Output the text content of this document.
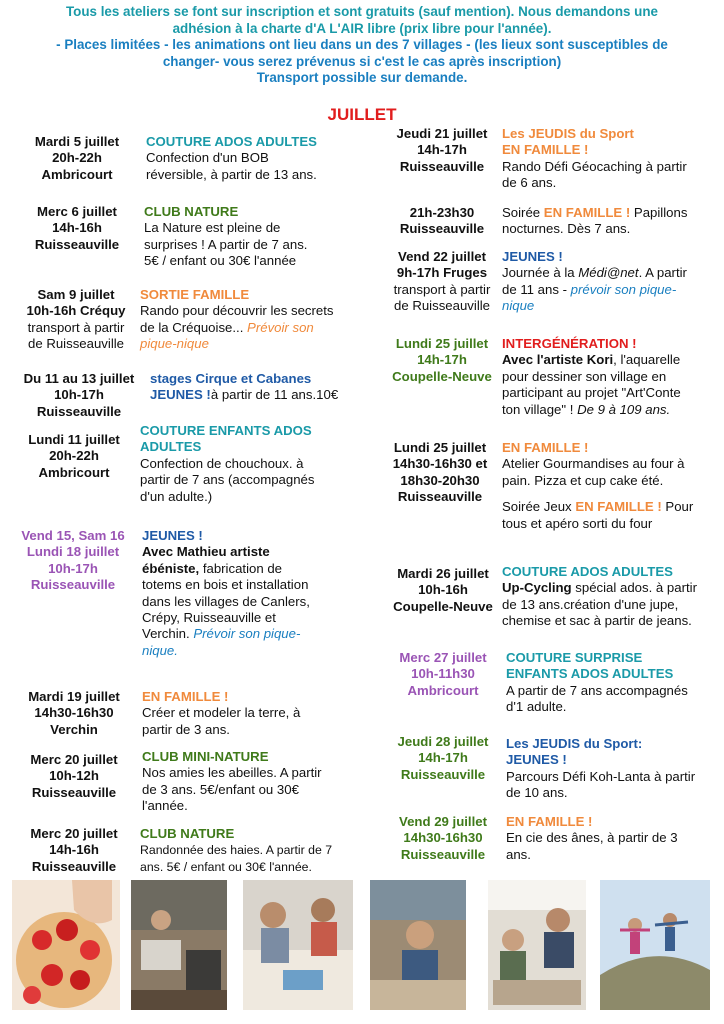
Tous les ateliers se font sur inscription et sont gratuits (sauf mention). Nous demandons une
adhésion à la charte d'A L'AIR libre (prix libre pour l'année).
- Places limitées - les animations ont lieu dans un des 7 villages - (les lieux sont susceptibles de
changer- vous serez prévenus si c'est le cas après inscription)
Transport possible sur demande.
JUILLET
Mardi 5 juillet
20h-22h
Ambricourt
COUTURE ADOS ADULTES
Confection d'un BOB
réversible, à partir de 13 ans.
Merc 6 juillet
14h-16h
Ruisseauville
CLUB NATURE
La Nature est pleine de
surprises ! A partir de 7 ans.
5€ / enfant ou 30€ l'année
Sam 9 juillet
10h-16h Créquy
transport à partir
de Ruisseauville
SORTIE FAMILLE
Rando pour découvrir les secrets
de la Créquoise... Prévoir son
pique-nique
Du 11 au 13 juillet
10h-17h
Ruisseauville
stages Cirque et Cabanes
JEUNES !à partir de 11 ans.10€
Lundi 11 juillet
20h-22h
Ambricourt
COUTURE ENFANTS ADOS
ADULTES
Confection de chouchoux. à
partir de 7 ans (accompagnés
d'un adulte.)
Vend 15, Sam 16
Lundi 18 juillet
10h-17h
Ruisseauville
JEUNES !
Avec Mathieu artiste
ébéniste, fabrication de
totems en bois et installation
dans les villages de Canlers,
Crépy, Ruisseauville et
Verchin. Prévoir son pique-
nique.
Mardi 19 juillet
14h30-16h30
Verchin
EN FAMILLE !
Créer et modeler la terre, à
partir de 3 ans.
Merc 20 juillet
10h-12h
Ruisseauville
CLUB MINI-NATURE
Nos amies les abeilles. A partir
de 3 ans. 5€/enfant ou 30€
l'année.
Merc 20 juillet
14h-16h
Ruisseauville
CLUB NATURE
Randonnée des haies. A partir de 7
ans. 5€ / enfant ou 30€ l'année.
Jeudi 21 juillet
14h-17h
Ruisseauville
Les JEUDIS du Sport
EN FAMILLE !
Rando Défi Géocaching à partir
de 6 ans.
21h-23h30
Ruisseauville
Soirée EN FAMILLE ! Papillons
nocturnes. Dès 7 ans.
Vend 22 juillet
9h-17h Fruges
transport à partir
de Ruisseauville
JEUNES !
Journée à la Médi@net. A partir
de 11 ans - prévoir son pique-
nique
Lundi 25 juillet
14h-17h
Coupelle-Neuve
INTERGÉNÉRATION !
Avec l'artiste Kori, l'aquarelle
pour dessiner son village en
participant au projet "Art'Conte
ton village" ! De 9 à 109 ans.
Lundi 25 juillet
14h30-16h30 et
18h30-20h30
Ruisseauville
EN FAMILLE !
Atelier Gourmandises au four à
pain. Pizza et cup cake été.
Soirée Jeux EN FAMILLE ! Pour
tous et apéro sorti du four
Mardi 26 juillet
10h-16h
Coupelle-Neuve
COUTURE ADOS ADULTES
Up-Cycling spécial ados. à partir
de 13 ans.création d'une jupe,
chemise et sac à partir de jeans.
Merc 27 juillet
10h-11h30
Ambricourt
COUTURE SURPRISE
ENFANTS ADOS ADULTES
A partir de 7 ans accompagnés
d'1 adulte.
Jeudi 28 juillet
14h-17h
Ruisseauville
Les JEUDIS du Sport:
JEUNES !
Parcours Défi Koh-Lanta à partir
de 10 ans.
Vend 29 juillet
14h30-16h30
Ruisseauville
EN FAMILLE !
En cie des ânes, à partir de 3
ans.
